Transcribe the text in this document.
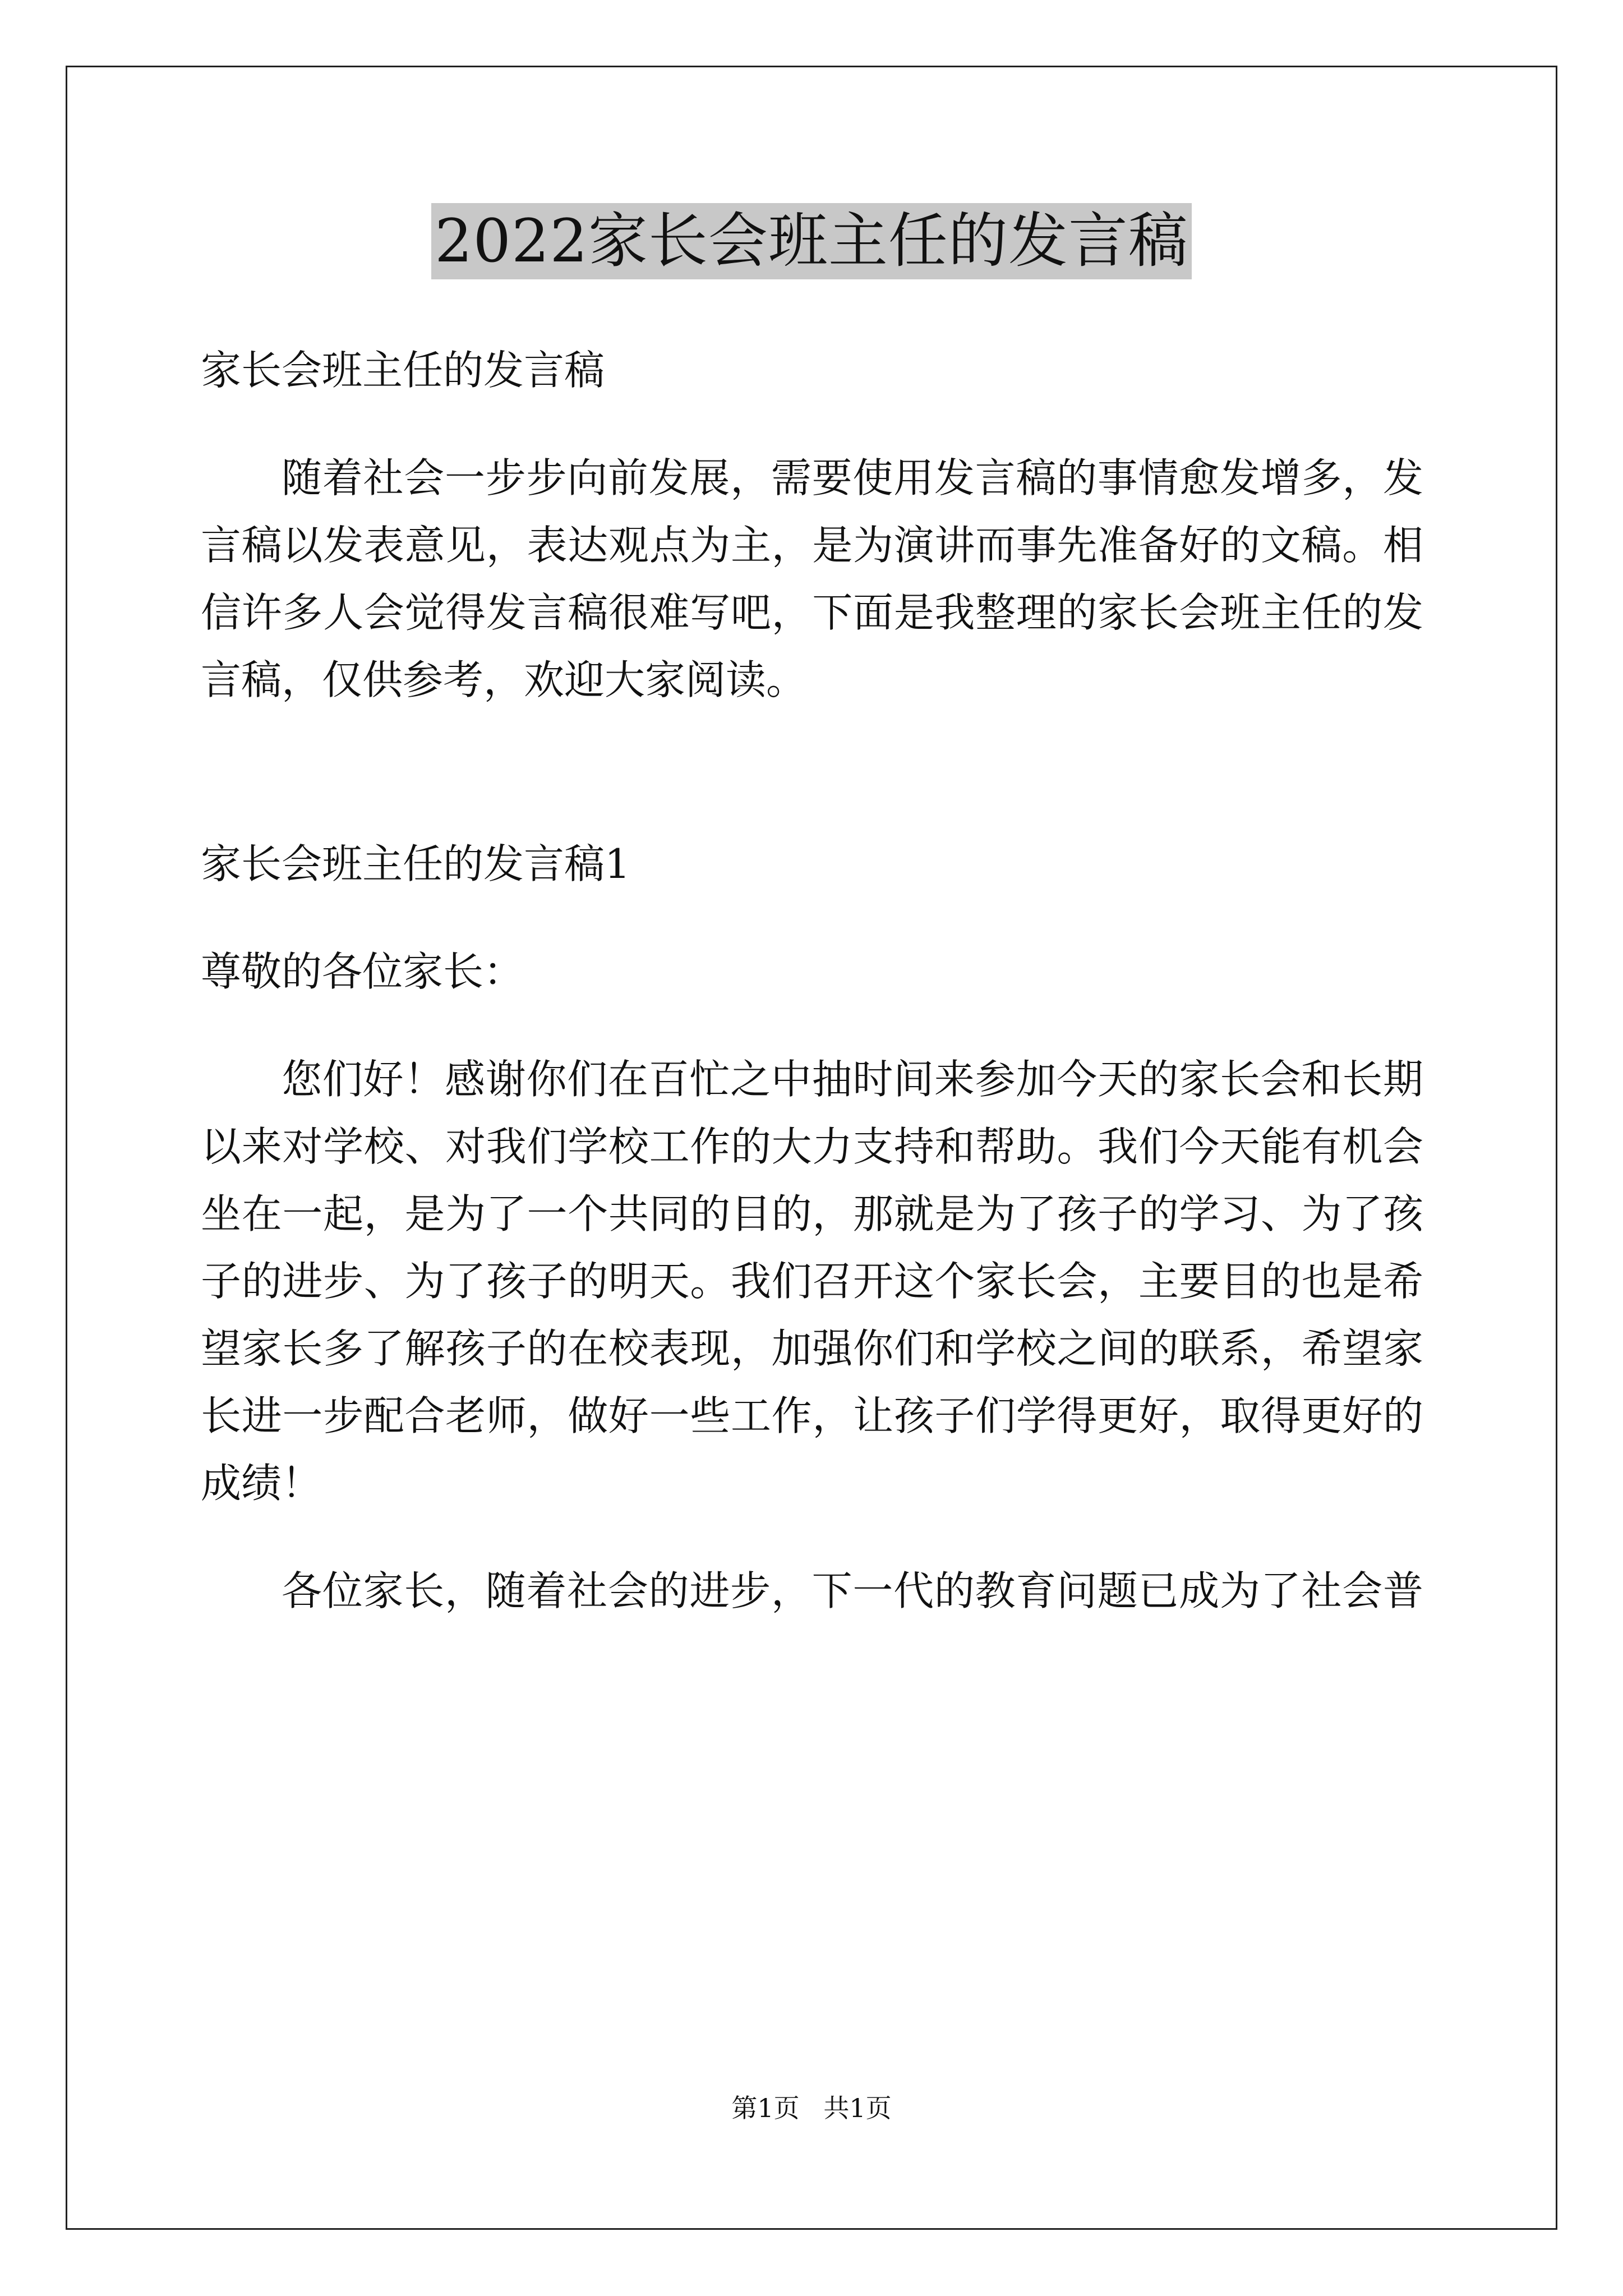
2022家长会班主任的发言稿
家长会班主任的发言稿
随着社会一步步向前发展，需要使用发言稿的事情愈发增多，发
言稿以发表意见，表达观点为主，是为演讲而事先准备好的文稿。相
信许多人会觉得发言稿很难写吧，下面是我整理的家长会班主任的发
言稿，仅供参考，欢迎大家阅读。
家长会班主任的发言稿1
尊敬的各位家长：
您们好！感谢你们在百忙之中抽时间来参加今天的家长会和长期
以来对学校、对我们学校工作的大力支持和帮助。我们今天能有机会
坐在一起，是为了一个共同的目的，那就是为了孩子的学习、为了孩
子的进步、为了孩子的明天。我们召开这个家长会，主要目的也是希
望家长多了解孩子的在校表现，加强你们和学校之间的联系，希望家
长进一步配合老师，做好一些工作，让孩子们学得更好，取得更好的
成绩！
各位家长，随着社会的进步，下一代的教育问题已成为了社会普
第1页 共1页
